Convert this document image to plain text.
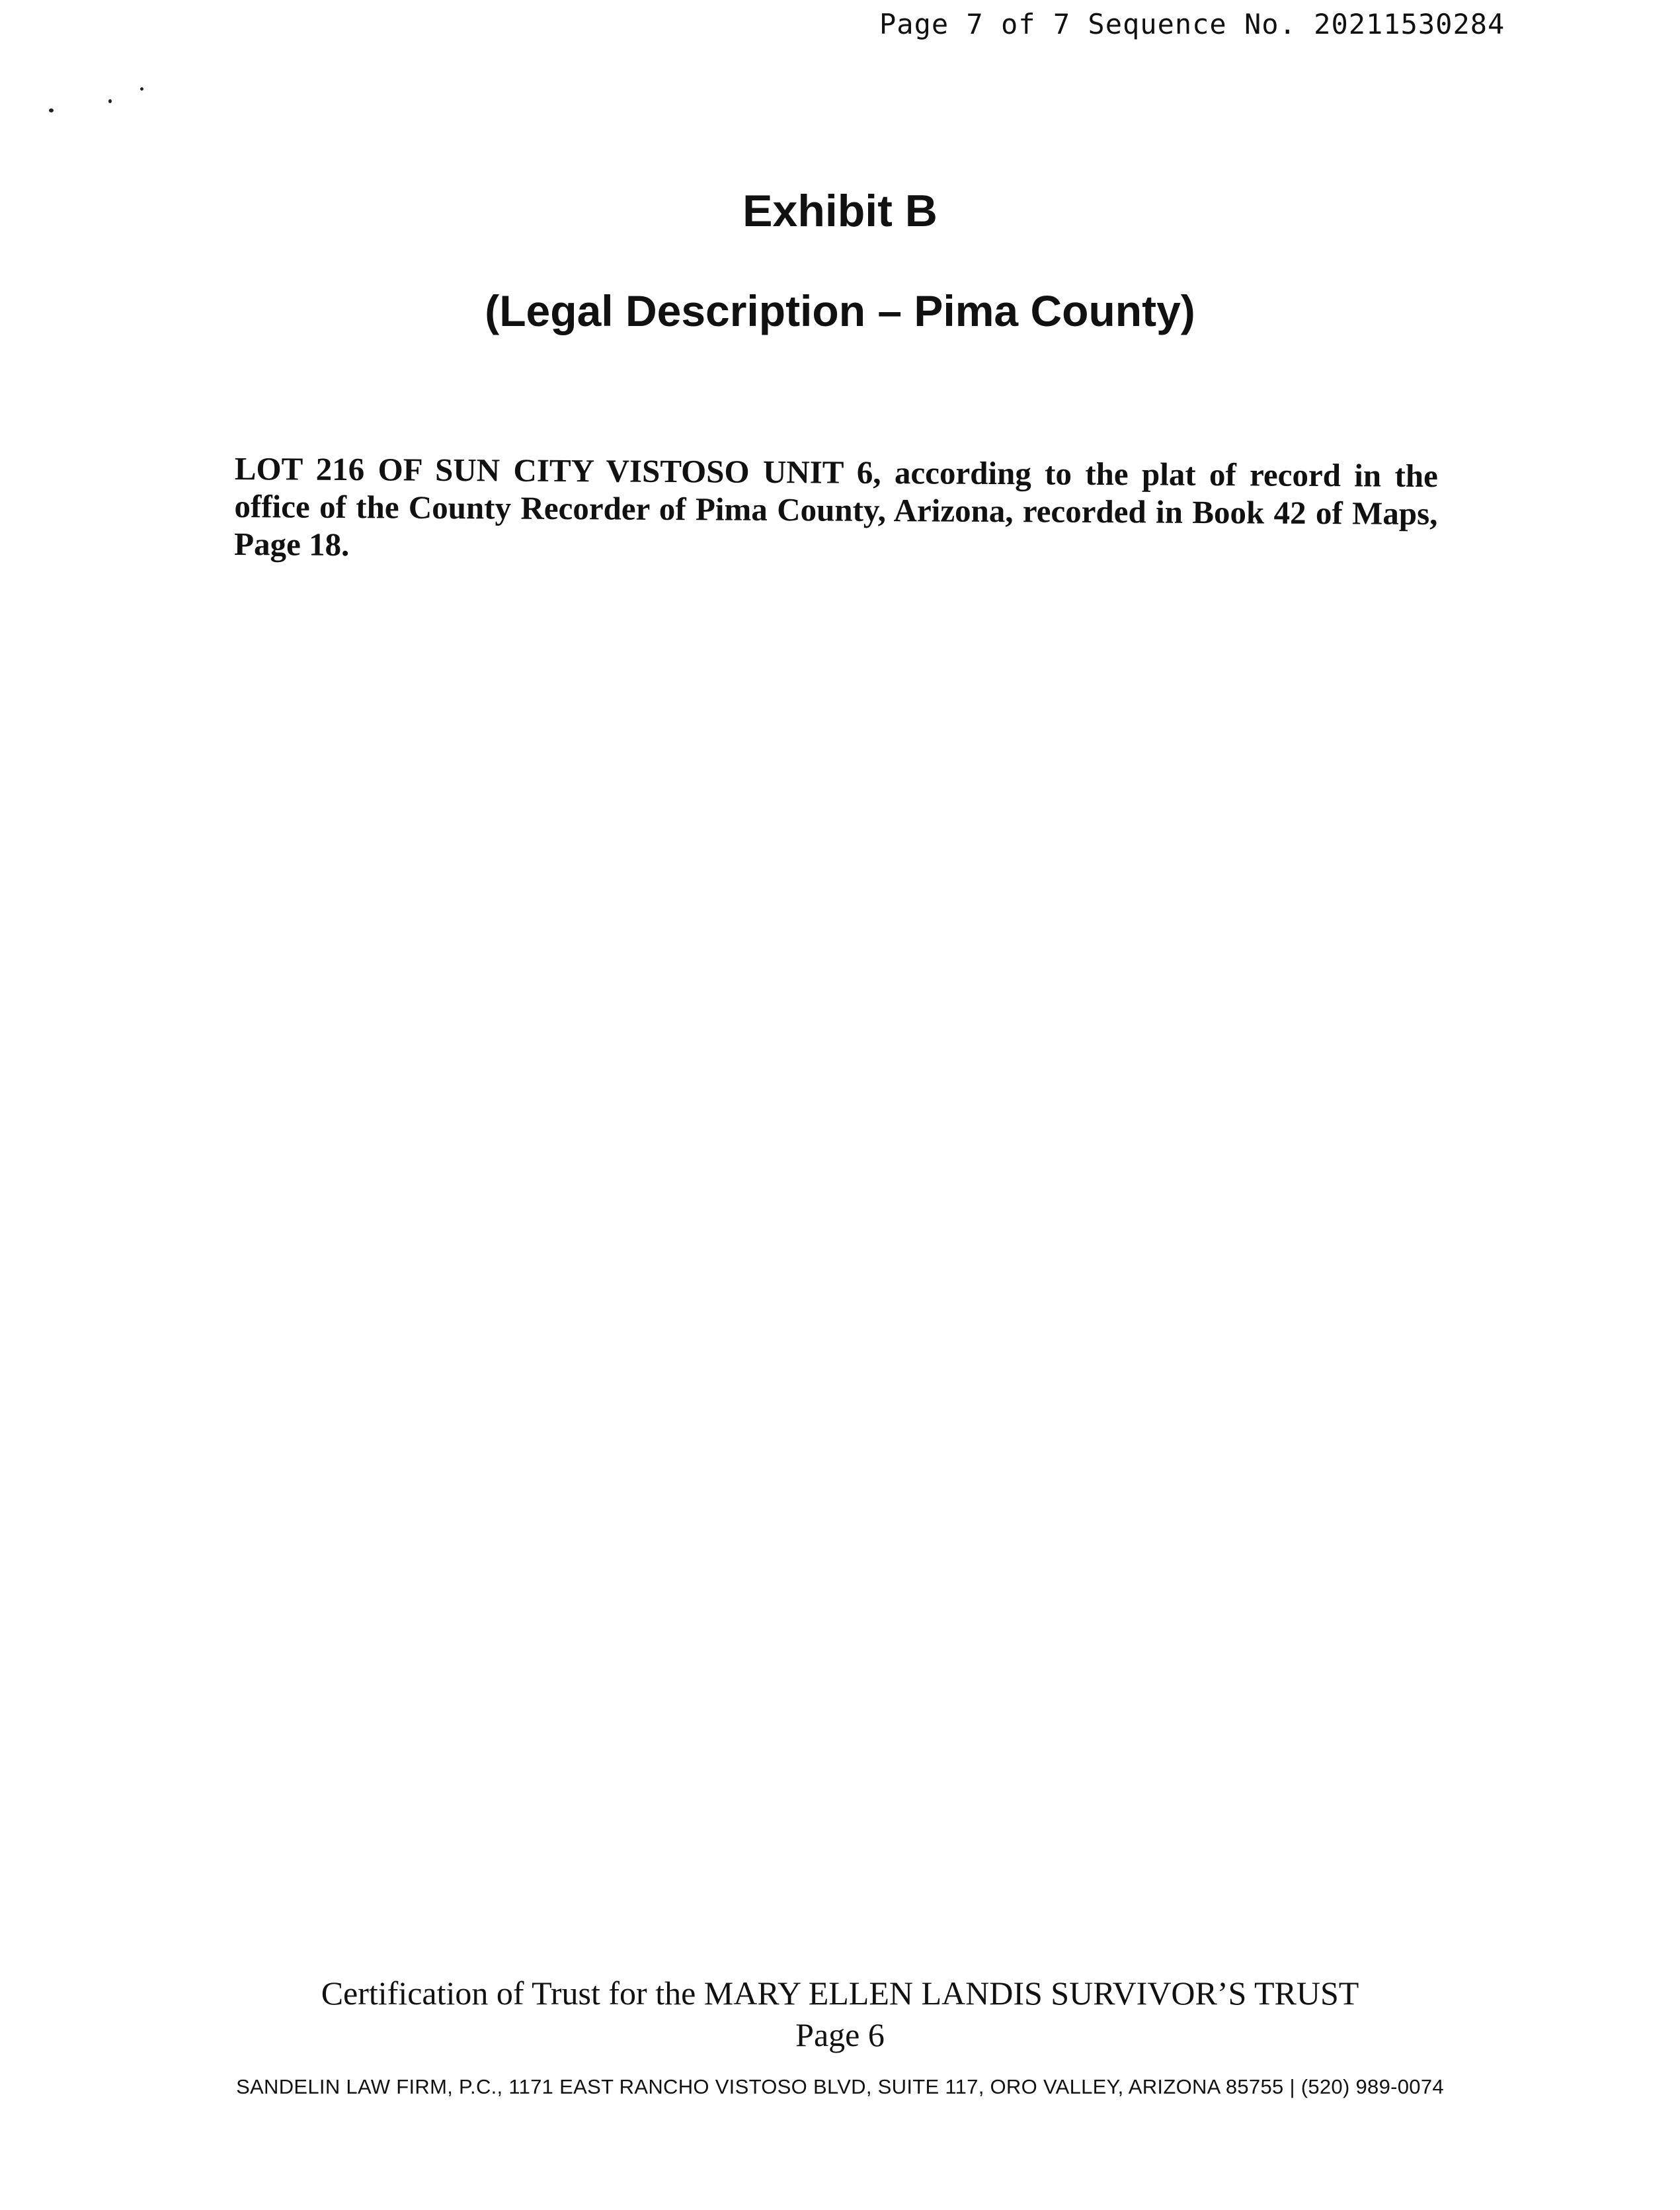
Page 7 of 7 Sequence No. 20211530284
Exhibit B
(Legal Description – Pima County)
LOT 216 OF SUN CITY VISTOSO UNIT 6, according to the plat of record in the office of the County Recorder of Pima County, Arizona, recorded in Book 42 of Maps, Page 18.
Certification of Trust for the MARY ELLEN LANDIS SURVIVOR’S TRUST
Page 6
SANDELIN LAW FIRM, P.C., 1171 EAST RANCHO VISTOSO BLVD, SUITE 117, ORO VALLEY, ARIZONA 85755 | (520) 989-0074
